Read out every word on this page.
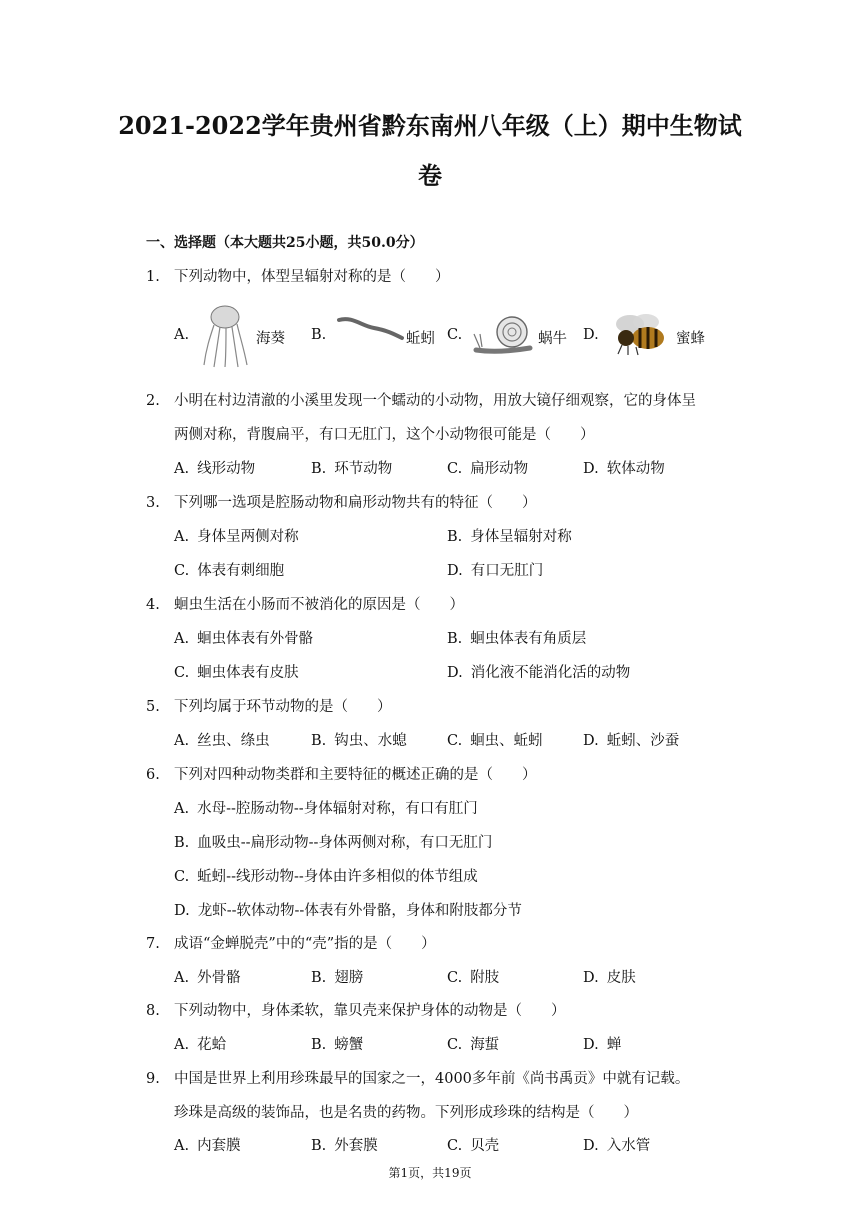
2021-2022学年贵州省黔东南州八年级（上）期中生物试
卷
一、选择题（本大题共25小题，共50.0分）
1. 下列动物中，体型呈辐射对称的是（　　）
A.	海葵 B.	蚯蚓 C.	蜗牛 D.	蜜蜂
2. 小明在村边清澈的小溪里发现一个蠕动的小动物，用放大镜仔细观察，它的身体呈
两侧对称，背腹扁平，有口无肛门，这个小动物很可能是（　　）
A. 线形动物	B. 环节动物	C. 扁形动物	D. 软体动物
3. 下列哪一选项是腔肠动物和扁形动物共有的特征（　　）
A. 身体呈两侧对称	B. 身体呈辐射对称
C. 体表有刺细胞	D. 有口无肛门
4. 蛔虫生活在小肠而不被消化的原因是（　　）
A. 蛔虫体表有外骨骼	B. 蛔虫体表有角质层
C. 蛔虫体表有皮肤	D. 消化液不能消化活的动物
5. 下列均属于环节动物的是（　　）
A. 丝虫、绦虫	B. 钩虫、水螅	C. 蛔虫、蚯蚓	D. 蚯蚓、沙蚕
6. 下列对四种动物类群和主要特征的概述正确的是（　　）
A. 水母--腔肠动物--身体辐射对称，有口有肛门
B. 血吸虫--扁形动物--身体两侧对称，有口无肛门
C. 蚯蚓--线形动物--身体由许多相似的体节组成
D. 龙虾--软体动物--体表有外骨骼，身体和附肢都分节
7. 成语“金蝉脱壳”中的“壳”指的是（　　）
A. 外骨骼	B. 翅膀	C. 附肢	D. 皮肤
8. 下列动物中，身体柔软，靠贝壳来保护身体的动物是（　　）
A. 花蛤	B. 螃蟹	C. 海蜇	D. 蝉
9. 中国是世界上利用珍珠最早的国家之一，4000多年前《尚书禹贡》中就有记载。
珍珠是高级的装饰品，也是名贵的药物。下列形成珍珠的结构是（　　）
A. 内套膜	B. 外套膜	C. 贝壳	D. 入水管
第1页，共19页
